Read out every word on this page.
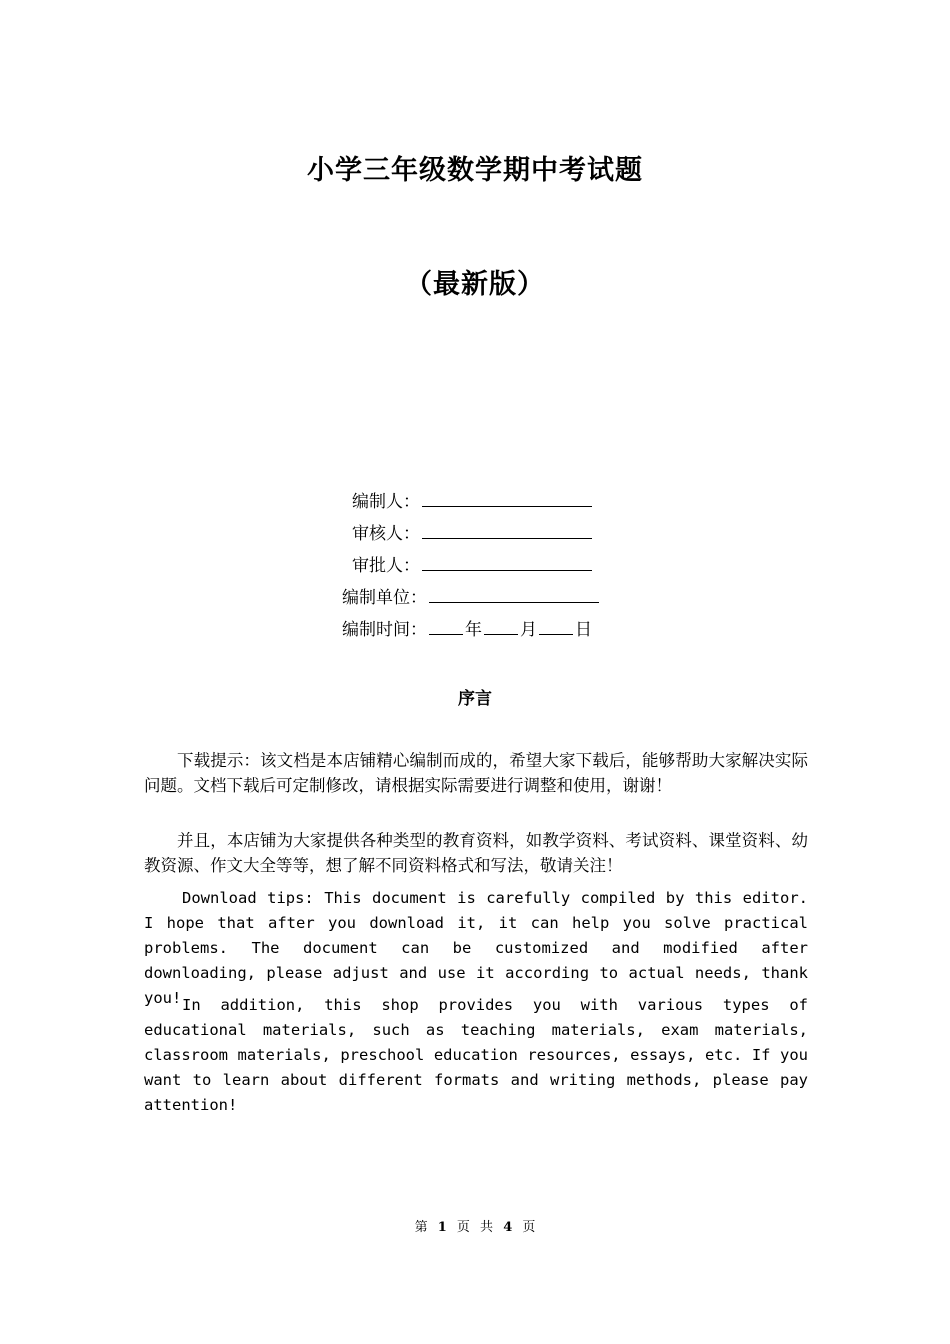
小学三年级数学期中考试题
（最新版）
编制人：
审核人：
审批人：
编制单位：
编制时间： 年 月 日
序言

下载提示：该文档是本店铺精心编制而成的，希望大家下载后，能够帮助大家解决实际问题。文档下载后可定制修改，请根据实际需要进行调整和使用，谢谢！

并且，本店铺为大家提供各种类型的教育资料，如教学资料、考试资料、课堂资料、幼教资源、作文大全等等，想了解不同资料格式和写法，敬请关注！

Download tips: This document is carefully compiled by this editor. I hope that after you download it, it can help you solve practical problems. The document can be customized and modified after downloading, please adjust and use it according to actual needs, thank you! In addition, this shop provides you with various types of educational materials, such as teaching materials, exam materials, classroom materials, preschool education resources, essays, etc. If you want to learn about different formats and writing methods, please pay attention!

第 1 页 共 4 页
